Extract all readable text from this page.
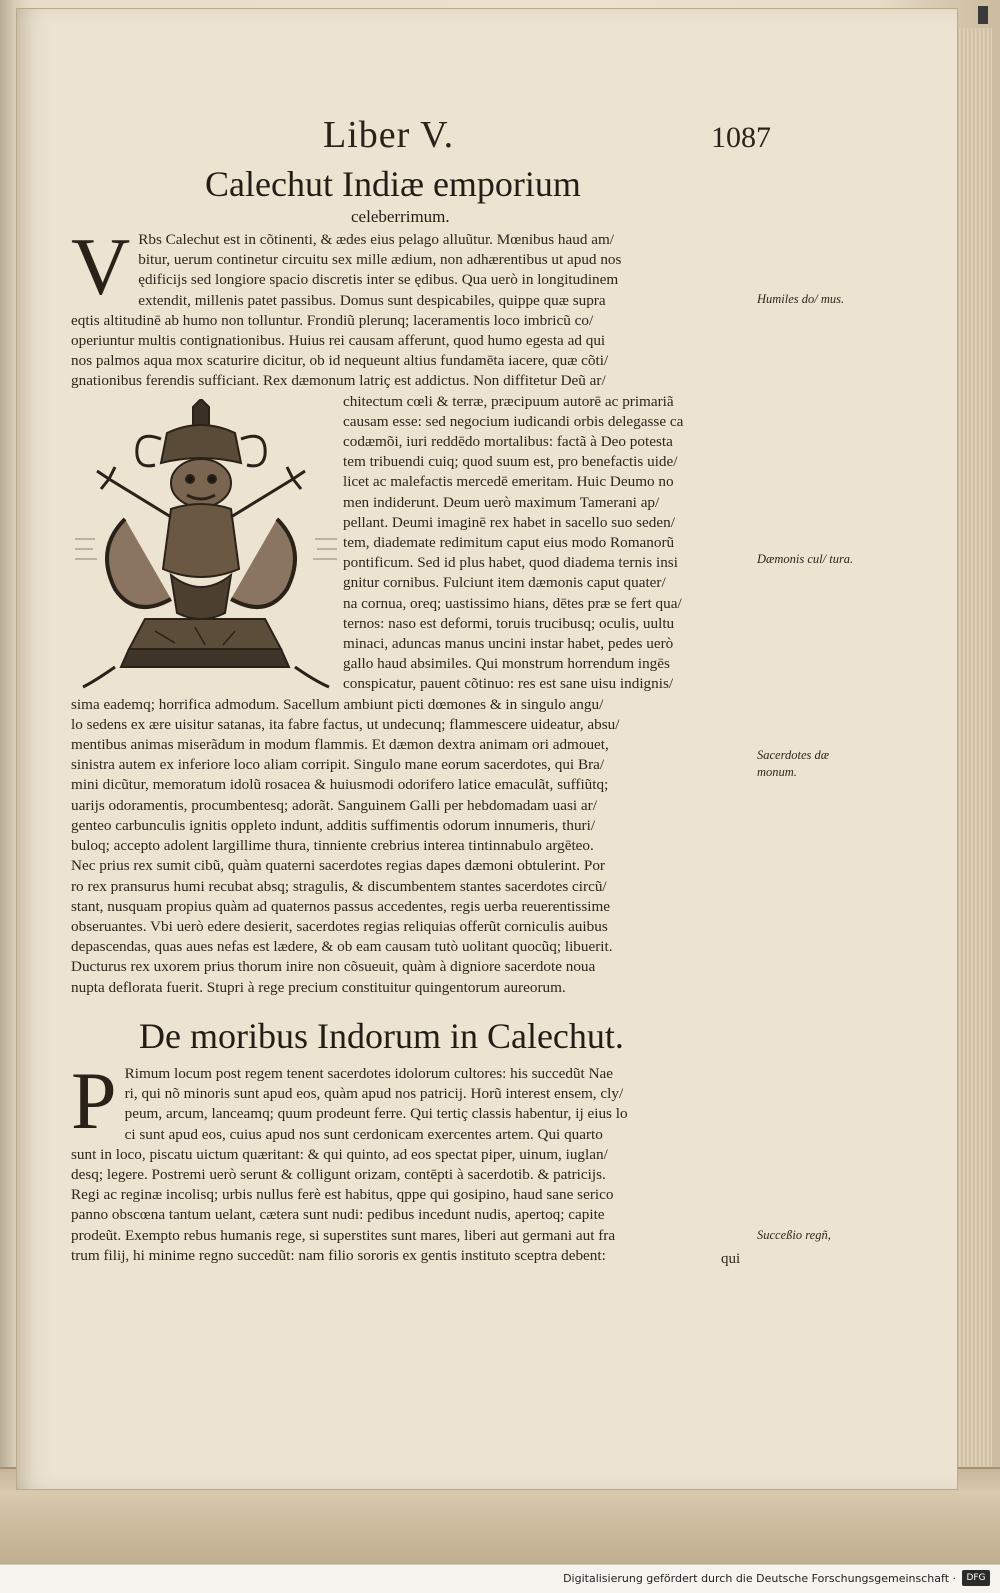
Liber V.	1087
Calechut Indiæ emporium
celeberrimum.
V Rbs Calechut est in cõtinenti, & ædes eius pelago alluũtur. Mœnibus haud am/
bitur, uerum continetur circuitu sex mille ædium, non adhærentibus ut apud nos
ędificijs sed longiore spacio discretis inter se ędibus. Qua uerò in longitudinem
extendit, millenis patet passibus. Domus sunt despicabiles, quippe quæ supra
eqtis altitudinē ab humo non tolluntur. Frondiũ plerunq; laceramentis loco imbricũ co/
operiuntur multis contignationibus. Huius rei causam afferunt, quod humo egesta ad qui
nos palmos aqua mox scaturire dicitur, ob id nequeunt altius fundamēta iacere, quæ cõti/
gnationibus ferendis sufficiant. Rex dæmonum latriç est addictus. Non diffitetur Deũ ar/
chitectum cœli & terræ, præcipuum autorē ac primariã
causam esse: sed negocium iudicandi orbis delegasse ca
codæmõi, iuri reddēdo mortalibus: factã à Deo potesta
tem tribuendi cuiq; quod suum est, pro benefactis uide/
licet ac malefactis mercedē emeritam. Huic Deumo no
men indiderunt. Deum uerò maximum Tamerani ap/
pellant. Deumi imaginē rex habet in sacello suo seden/
tem, diademate redimitum caput eius modo Romanorũ
pontificum. Sed id plus habet, quod diadema ternis insi
gnitur cornibus. Fulciunt item dæmonis caput quater/
na cornua, oreq; uastissimo hians, dētes præ se fert qua/
ternos: naso est deformi, toruis trucibusq; oculis, uultu
minaci, aduncas manus uncini instar habet, pedes uerò
gallo haud absimiles. Qui monstrum horrendum ingēs
conspicatur, pauent cõtinuo: res est sane uisu indignis/
sima eademq; horrifica admodum. Sacellum ambiunt picti dœmones & in singulo angu/
lo sedens ex ære uisitur satanas, ita fabre factus, ut undecunq; flammescere uideatur, absu/
mentibus animas miserãdum in modum flammis. Et dæmon dextra animam ori admouet,
sinistra autem ex inferiore loco aliam corripit. Singulo mane eorum sacerdotes, qui Bra/
mini dicũtur, memoratum idolũ rosacea & huiusmodi odorifero latice emaculãt, suffiũtq;
uarijs odoramentis, procumbentesq; adorãt. Sanguinem Galli per hebdomadam uasi ar/
genteo carbunculis ignitis oppleto indunt, additis suffimentis odorum innumeris, thuri/
buloq; accepto adolent largillime thura, tinniente crebrius interea tintinnabulo argēteo.
Nec prius rex sumit cibũ, quàm quaterni sacerdotes regias dapes dæmoni obtulerint. Por
ro rex pransurus humi recubat absq; stragulis, & discumbentem stantes sacerdotes circũ/
stant, nusquam propius quàm ad quaternos passus accedentes, regis uerba reuerentissime
obseruantes. Vbi uerò edere desierit, sacerdotes regias reliquias offerũt corniculis auibus
depascendas, quas aues nefas est lædere, & ob eam causam tutò uolitant quocũq; libuerit.
Ducturus rex uxorem prius thorum inire non cõsueuit, quàm à digniore sacerdote noua
nupta deflorata fuerit. Stupri à rege precium constituitur quingentorum aureorum.
Humiles do/ mus.
Dæmonis cul/ tura.
Sacerdotes dæ monum.
De moribus Indorum in Calechut.
P Rimum locum post regem tenent sacerdotes idolorum cultores: his succedũt Nae
ri, qui nõ minoris sunt apud eos, quàm apud nos patricij. Horũ interest ensem, cly/
peum, arcum, lanceamq; quum prodeunt ferre. Qui tertiç classis habentur, ij eius lo
ci sunt apud eos, cuius apud nos sunt cerdonicam exercentes artem. Qui quarto
sunt in loco, piscatu uictum quæritant: & qui quinto, ad eos spectat piper, uinum, iuglan/
desq; legere. Postremi uerò serunt & colligunt orizam, contēpti à sacerdotib. & patricijs.
Regi ac reginæ incolisq; urbis nullus ferè est habitus, qppe qui gosipino, haud sane serico
panno obscœna tantum uelant, cætera sunt nudi: pedibus incedunt nudis, apertoq; capite
prodeũt. Exempto rebus humanis rege, si superstites sunt mares, liberi aut germani aut fra
trum filij, hi minime regno succedũt: nam filio sororis ex gentis instituto sceptra debent:
Succeßio regñ,
qui
Digitalisierung gefördert durch die Deutsche Forschungsgemeinschaft ·	DFG
